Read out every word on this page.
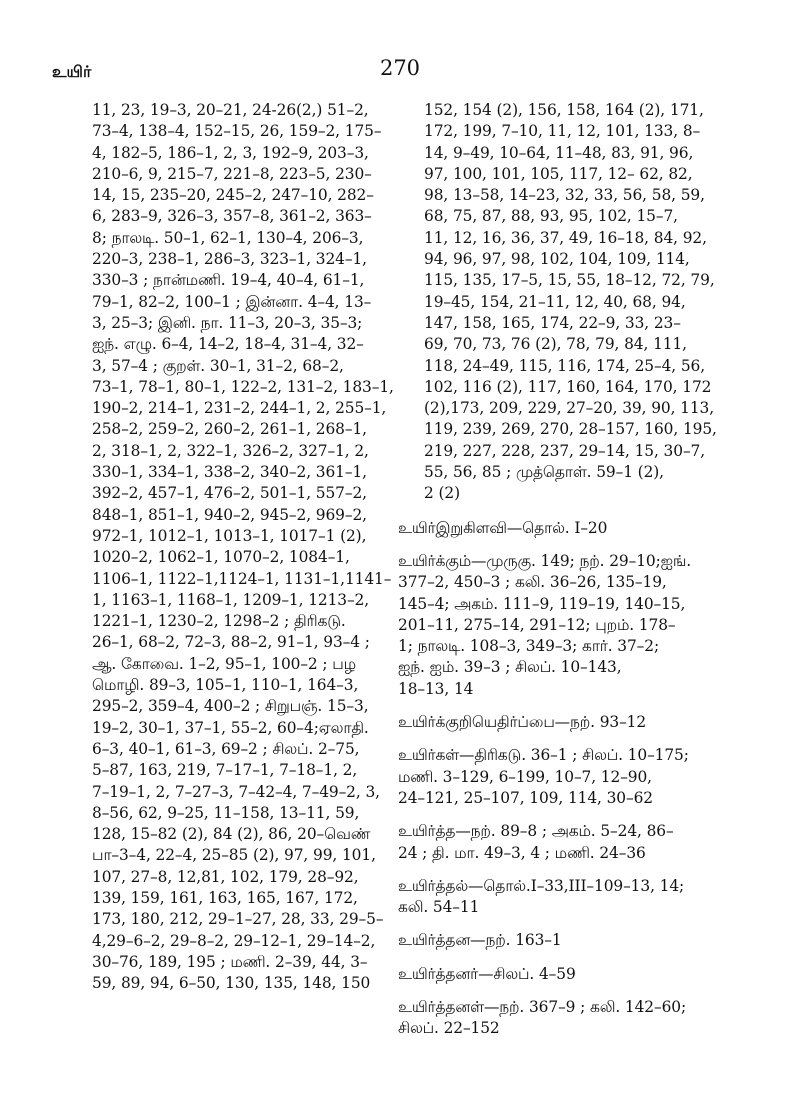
உயிர்	270
11, 23, 19–3, 20–21, 24-26(2,) 51–2,
73–4, 138–4, 152–15, 26, 159–2, 175–
4, 182–5, 186–1, 2, 3, 192–9, 203–3,
210–6, 9, 215–7, 221–8, 223–5, 230–
14, 15, 235–20, 245–2, 247–10, 282–
6, 283–9, 326–3, 357–8, 361–2, 363–
8; நாலடி. 50–1, 62–1, 130–4, 206–3,
220–3, 238–1, 286–3, 323–1, 324–1,
330–3 ; நான்மணி. 19–4, 40–4, 61–1,
79–1, 82–2, 100–1 ; இன்னா. 4–4, 13–
3, 25–3; இனி. நா. 11–3, 20–3, 35–3;
ஐந். எழு. 6–4, 14–2, 18–4, 31–4, 32–
3, 57–4 ; குறள். 30–1, 31–2, 68–2,
73–1, 78–1, 80–1, 122–2, 131–2, 183–1,
190–2, 214–1, 231–2, 244–1, 2, 255–1,
258–2, 259–2, 260–2, 261–1, 268–1,
2, 318–1, 2, 322–1, 326–2, 327–1, 2,
330–1, 334–1, 338–2, 340–2, 361–1,
392–2, 457–1, 476–2, 501–1, 557–2,
848–1, 851–1, 940–2, 945–2, 969–2,
972–1, 1012–1, 1013–1, 1017–1 (2),
1020–2, 1062–1, 1070–2, 1084–1,
1106–1, 1122–1,1124–1, 1131–1,1141–
1, 1163–1, 1168–1, 1209–1, 1213–2,
1221–1, 1230–2, 1298–2 ; திரிகடு.
26–1, 68–2, 72–3, 88–2, 91–1, 93–4 ;
ஆ. கோவை. 1–2, 95–1, 100–2 ; பழ
மொழி. 89–3, 105–1, 110–1, 164–3,
295–2, 359–4, 400–2 ; சிறுபஞ். 15–3,
19–2, 30–1, 37–1, 55–2, 60–4;ஏலாதி.
6–3, 40–1, 61–3, 69–2 ; சிலப். 2–75,
5–87, 163, 219, 7–17–1, 7–18–1, 2,
7–19–1, 2, 7–27–3, 7–42–4, 7–49–2, 3,
8–56, 62, 9–25, 11–158, 13–11, 59,
128, 15–82 (2), 84 (2), 86, 20–வெண்
பா–3–4, 22–4, 25–85 (2), 97, 99, 101,
107, 27–8, 12,81, 102, 179, 28–92,
139, 159, 161, 163, 165, 167, 172,
173, 180, 212, 29–1–27, 28, 33, 29–5–
4,29–6–2, 29–8–2, 29–12–1, 29–14–2,
30–76, 189, 195 ; மணி. 2–39, 44, 3–
59, 89, 94, 6–50, 130, 135, 148, 150
152, 154 (2), 156, 158, 164 (2), 171,
172, 199, 7–10, 11, 12, 101, 133, 8–
14, 9–49, 10–64, 11–48, 83, 91, 96,
97, 100, 101, 105, 117, 12– 62, 82,
98, 13–58, 14–23, 32, 33, 56, 58, 59,
68, 75, 87, 88, 93, 95, 102, 15–7,
11, 12, 16, 36, 37, 49, 16–18, 84, 92,
94, 96, 97, 98, 102, 104, 109, 114,
115, 135, 17–5, 15, 55, 18–12, 72, 79,
19–45, 154, 21–11, 12, 40, 68, 94,
147, 158, 165, 174, 22–9, 33, 23–
69, 70, 73, 76 (2), 78, 79, 84, 111,
118, 24–49, 115, 116, 174, 25–4, 56,
102, 116 (2), 117, 160, 164, 170, 172
(2),173, 209, 229, 27–20, 39, 90, 113,
119, 239, 269, 270, 28–157, 160, 195,
219, 227, 228, 237, 29–14, 15, 30–7,
55, 56, 85 ; முத்தொள். 59–1 (2),
2 (2)
உயிர்இறுகிளவி—தொல். I–20
உயிர்க்கும்—முருகு. 149; நற். 29–10;ஐங்.
377–2, 450–3 ; கலி. 36–26, 135–19,
145–4; அகம். 111–9, 119–19, 140–15,
201–11, 275–14, 291–12; புறம். 178–
1; நாலடி. 108–3, 349–3; கார். 37–2;
ஐந். ஐம். 39–3 ; சிலப். 10–143,
18–13, 14
உயிர்க்குறியெதிர்ப்பை—நற். 93–12
உயிர்கள்—திரிகடு. 36–1 ; சிலப். 10–175;
மணி. 3–129, 6–199, 10–7, 12–90,
24–121, 25–107, 109, 114, 30–62
உயிர்த்த—நற். 89–8 ; அகம். 5–24, 86–
24 ; தி. மா. 49–3, 4 ; மணி. 24–36
உயிர்த்தல்—தொல்.I–33,III–109–13, 14;
கலி. 54–11
உயிர்த்தன—நற். 163–1
உயிர்த்தனர்—சிலப். 4–59
உயிர்த்தனள்—நற். 367–9 ; கலி. 142–60;
சிலப். 22–152
